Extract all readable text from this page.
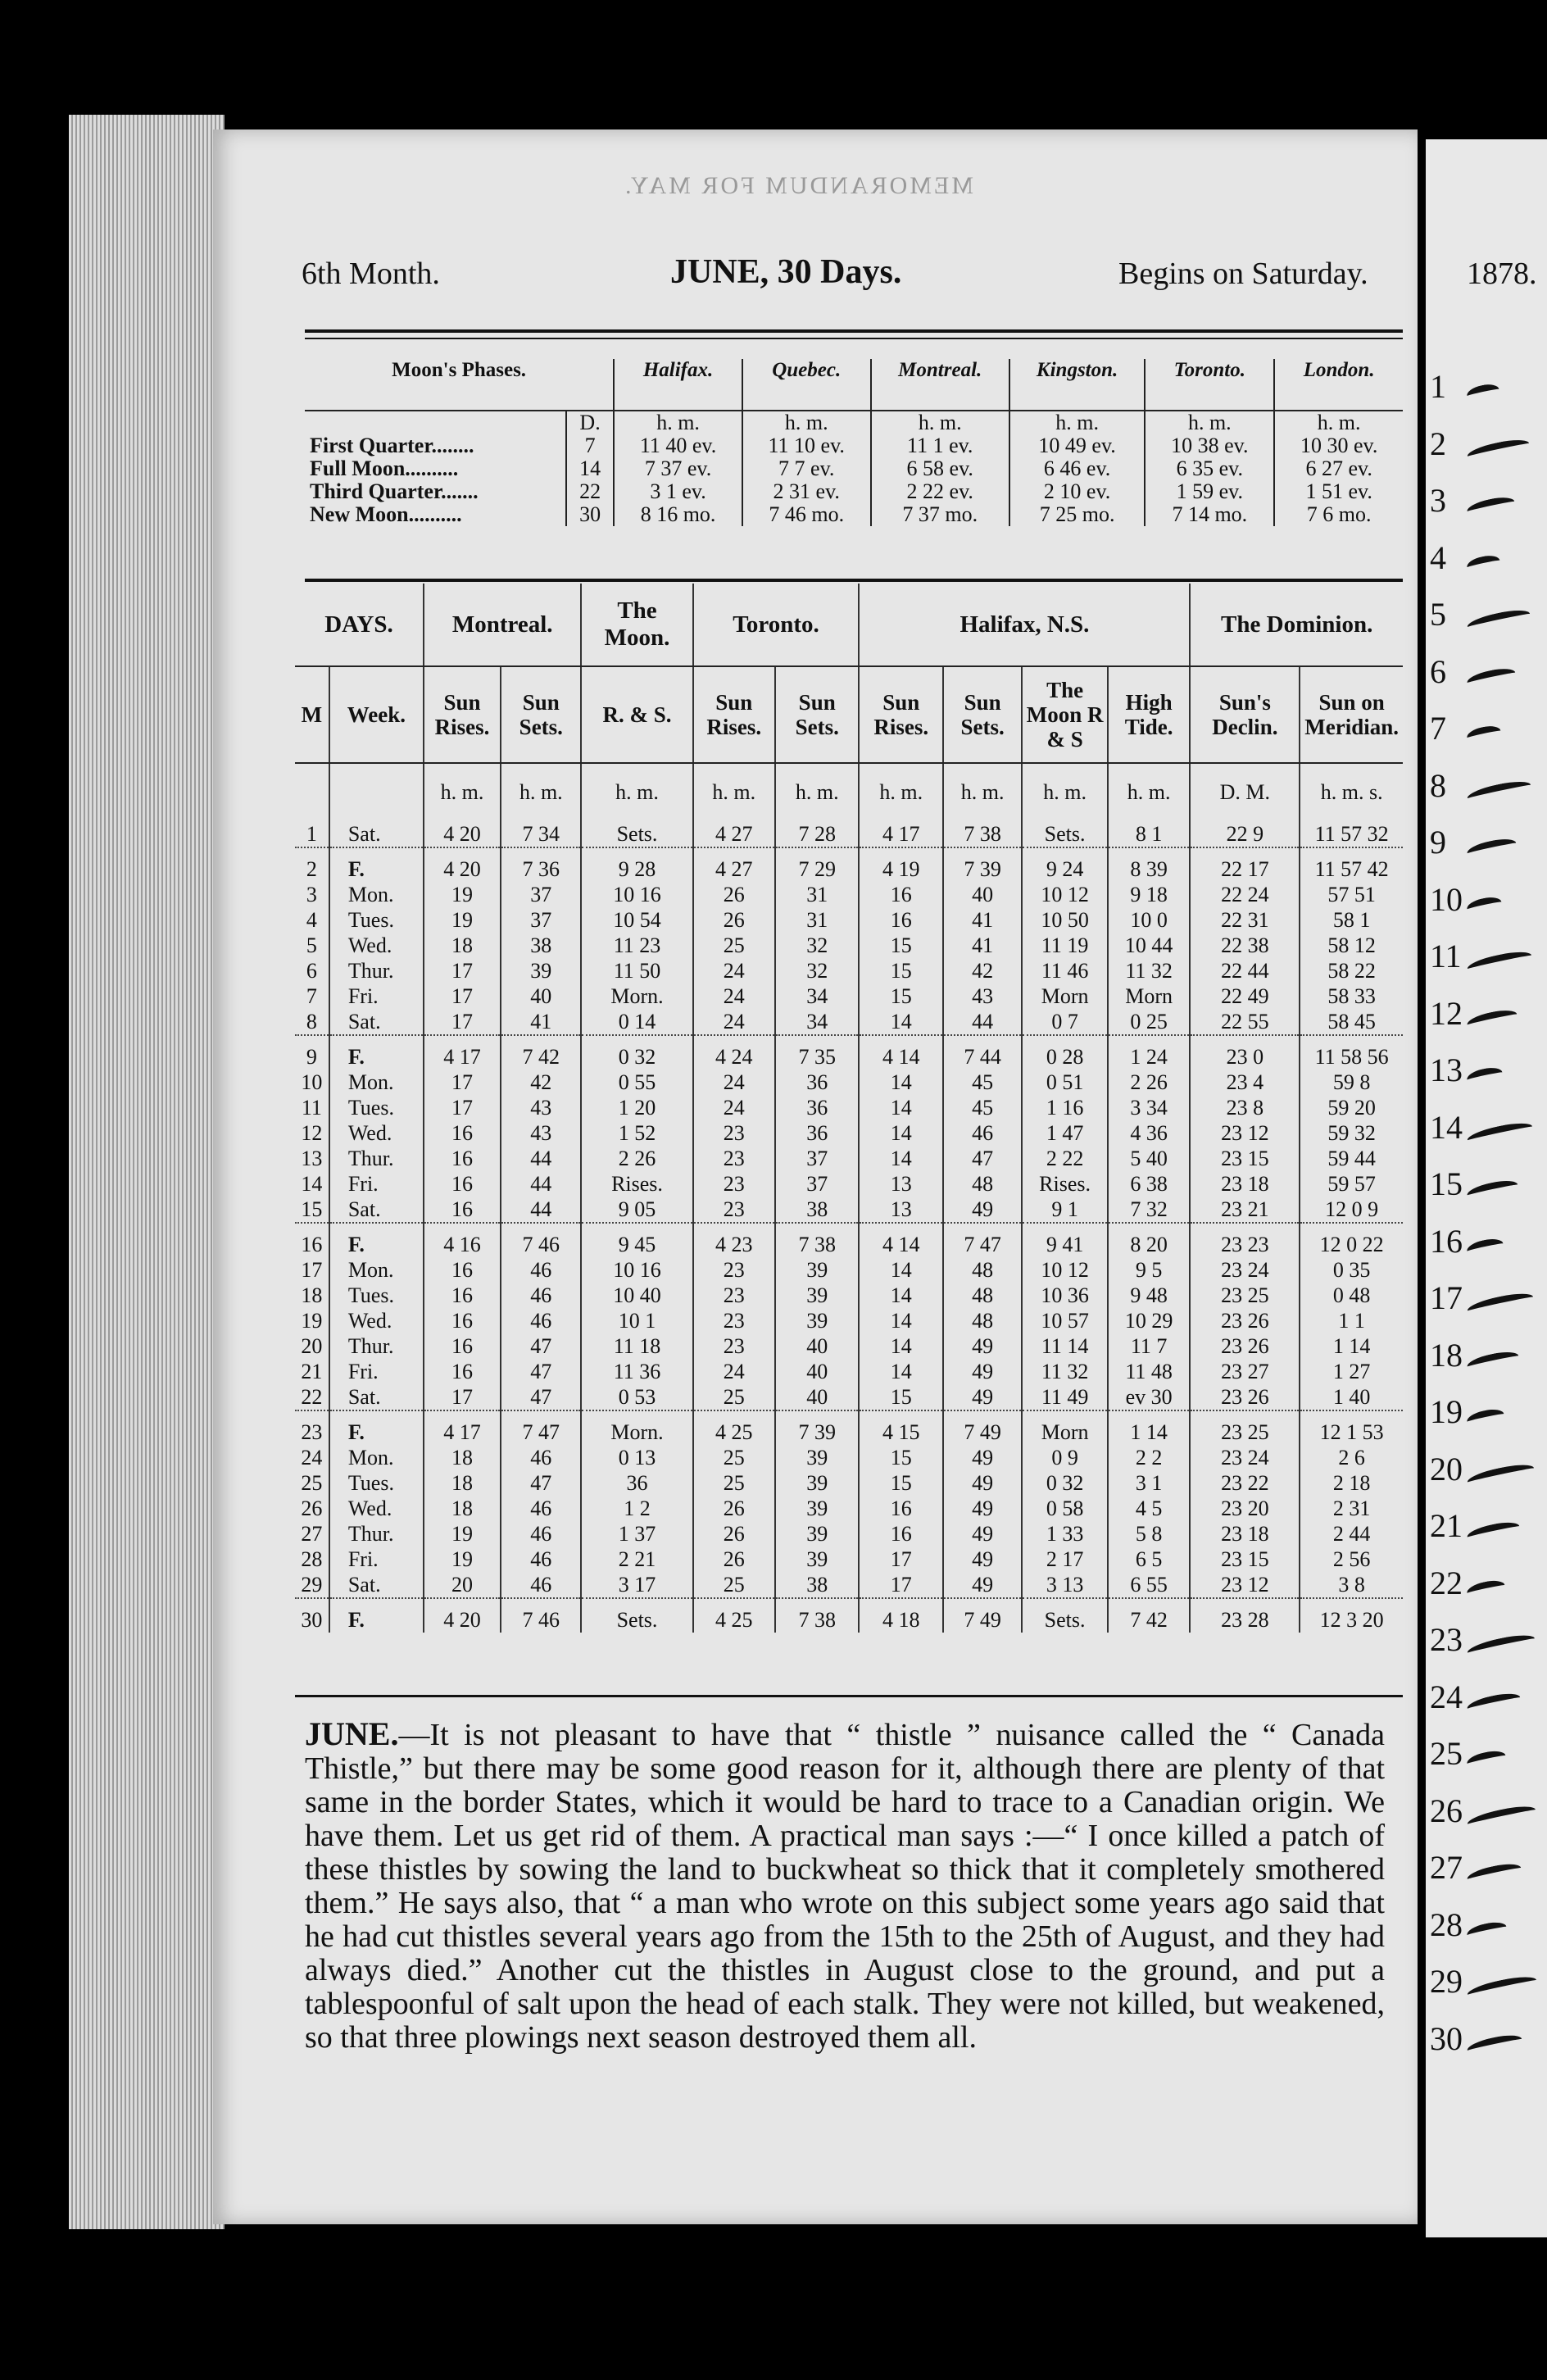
MEMORANDUM FOR MAY.
6th Month.	JUNE, 30 Days.	Begins on Saturday.	1878.
Moon's Phases.		Halifax.	Quebec.	Montreal.	Kingston.	Toronto.	London.
	D.	h. m.	h. m.	h. m.	h. m.	h. m.	h. m.
First Quarter........	7	11 40 ev.	11 10 ev.	11 1 ev.	10 49 ev.	10 38 ev.	10 30 ev.
Full Moon..........	14	7 37 ev.	7 7 ev.	6 58 ev.	6 46 ev.	6 35 ev.	6 27 ev.
Third Quarter.......	22	3 1 ev.	2 31 ev.	2 22 ev.	2 10 ev.	1 59 ev.	1 51 ev.
New Moon..........	30	8 16 mo.	7 46 mo.	7 37 mo.	7 25 mo.	7 14 mo.	7 6 mo.
DAYS.		Montreal.		The Moon.	Toronto.		Halifax, N.S.				The Dominion.	
M	Week.	Sun Rises.	Sun Sets.	R. & S.	Sun Rises.	Sun Sets.	Sun Rises.	Sun Sets.	The Moon R & S	High Tide.	Sun's Declin.	Sun on Meridian.
		h. m.	h. m.	h. m.	h. m.	h. m.	h. m.	h. m.	h. m.	h. m.	D. M.	h. m. s.
1	Sat.	4 20	7 34	Sets.	4 27	7 28	4 17	7 38	Sets.	8 1	22 9	11 57 32

2	F.	4 20	7 36	9 28	4 27	7 29	4 19	7 39	9 24	8 39	22 17	11 57 42
3	Mon.	19	37	10 16	26	31	16	40	10 12	9 18	22 24	57 51
4	Tues.	19	37	10 54	26	31	16	41	10 50	10 0	22 31	58 1
5	Wed.	18	38	11 23	25	32	15	41	11 19	10 44	22 38	58 12
6	Thur.	17	39	11 50	24	32	15	42	11 46	11 32	22 44	58 22
7	Fri.	17	40	Morn.	24	34	15	43	Morn	Morn	22 49	58 33
8	Sat.	17	41	0 14	24	34	14	44	0 7	0 25	22 55	58 45

9	F.	4 17	7 42	0 32	4 24	7 35	4 14	7 44	0 28	1 24	23 0	11 58 56
10	Mon.	17	42	0 55	24	36	14	45	0 51	2 26	23 4	59 8
11	Tues.	17	43	1 20	24	36	14	45	1 16	3 34	23 8	59 20
12	Wed.	16	43	1 52	23	36	14	46	1 47	4 36	23 12	59 32
13	Thur.	16	44	2 26	23	37	14	47	2 22	5 40	23 15	59 44
14	Fri.	16	44	Rises.	23	37	13	48	Rises.	6 38	23 18	59 57
15	Sat.	16	44	9 05	23	38	13	49	9 1	7 32	23 21	12 0 9

16	F.	4 16	7 46	9 45	4 23	7 38	4 14	7 47	9 41	8 20	23 23	12 0 22
17	Mon.	16	46	10 16	23	39	14	48	10 12	9 5	23 24	0 35
18	Tues.	16	46	10 40	23	39	14	48	10 36	9 48	23 25	0 48
19	Wed.	16	46	10 1	23	39	14	48	10 57	10 29	23 26	1 1
20	Thur.	16	47	11 18	23	40	14	49	11 14	11 7	23 26	1 14
21	Fri.	16	47	11 36	24	40	14	49	11 32	11 48	23 27	1 27
22	Sat.	17	47	0 53	25	40	15	49	11 49	ev 30	23 26	1 40

23	F.	4 17	7 47	Morn.	4 25	7 39	4 15	7 49	Morn	1 14	23 25	12 1 53
24	Mon.	18	46	0 13	25	39	15	49	0 9	2 2	23 24	2 6
25	Tues.	18	47	36	25	39	15	49	0 32	3 1	23 22	2 18
26	Wed.	18	46	1 2	26	39	16	49	0 58	4 5	23 20	2 31
27	Thur.	19	46	1 37	26	39	16	49	1 33	5 8	23 18	2 44
28	Fri.	19	46	2 21	26	39	17	49	2 17	6 5	23 15	2 56
29	Sat.	20	46	3 17	25	38	17	49	3 13	6 55	23 12	3 8

30	F.	4 20	7 46	Sets.	4 25	7 38	4 18	7 49	Sets.	7 42	23 28	12 3 20
JUNE.—It is not pleasant to have that “ thistle ” nuisance called the “ Canada Thistle,” but there may be some good reason for it, although there are plenty of that same in the border States, which it would be hard to trace to a Canadian origin. We have them. Let us get rid of them. A practical man says :—“ I once killed a patch of these thistles by sowing the land to buckwheat so thick that it completely smothered them.” He says also, that “ a man who wrote on this subject some years ago said that he had cut thistles several years ago from the 15th to the 25th of August, and they had always died.” Another cut the thistles in August close to the ground, and put a tablespoonful of salt upon the head of each stalk. They were not killed, but weakened, so that three plowings next season destroyed them all.
1
2
3
4
5
6
7
8
9
10
11
12
13
14
15
16
17
18
19
20
21
22
23
24
25
26
27
28
29
30
